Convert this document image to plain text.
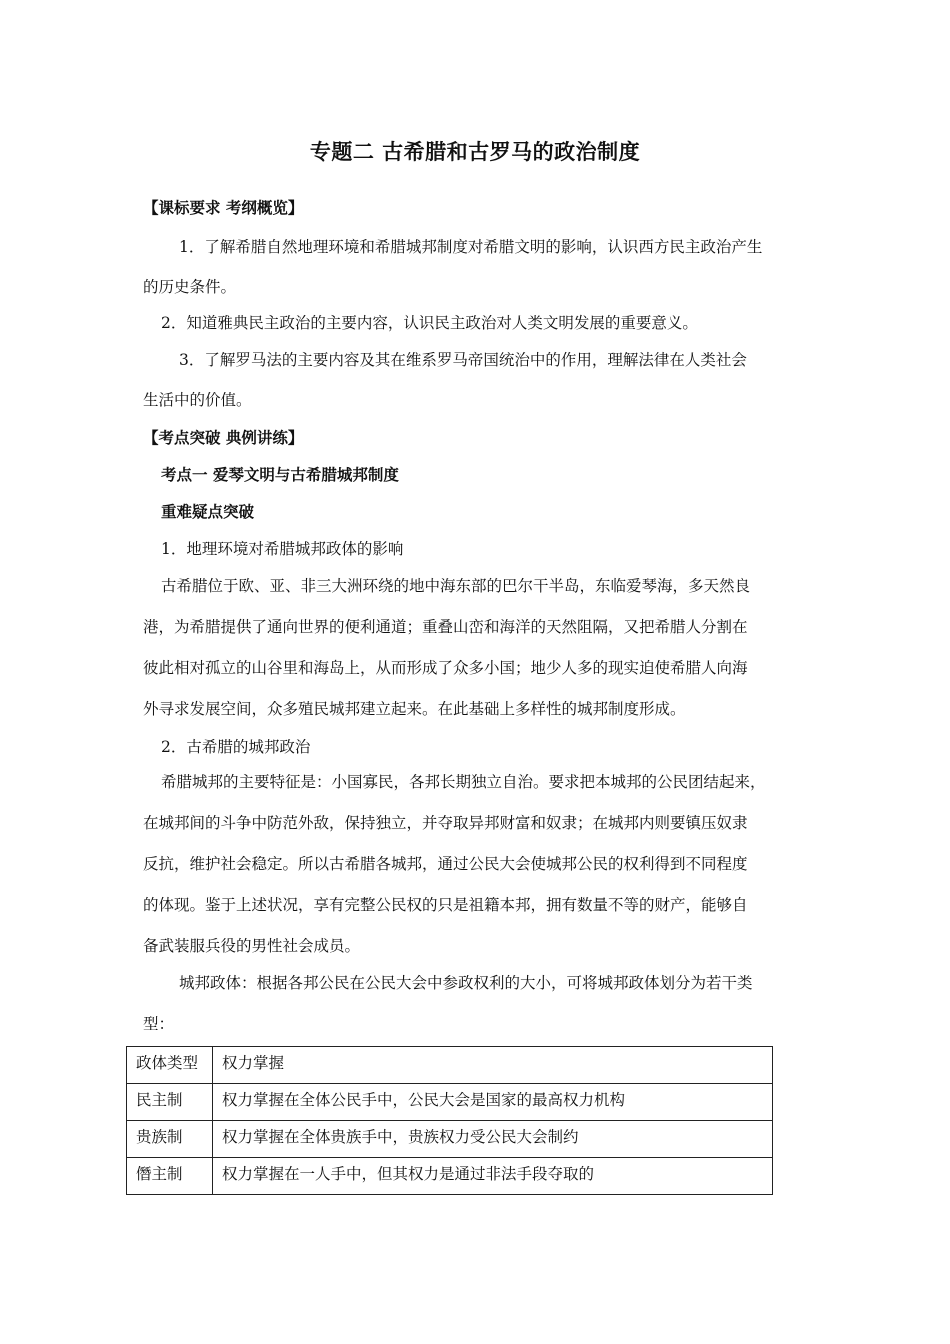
专题二 古希腊和古罗马的政治制度
【课标要求 考纲概览】
1．了解希腊自然地理环境和希腊城邦制度对希腊文明的影响，认识西方民主政治产生
的历史条件。
2．知道雅典民主政治的主要内容，认识民主政治对人类文明发展的重要意义。
3．了解罗马法的主要内容及其在维系罗马帝国统治中的作用，理解法律在人类社会
生活中的价值。
【考点突破 典例讲练】
考点一 爱琴文明与古希腊城邦制度
重难疑点突破
1．地理环境对希腊城邦政体的影响
古希腊位于欧、亚、非三大洲环绕的地中海东部的巴尔干半岛，东临爱琴海，多天然良
港，为希腊提供了通向世界的便利通道；重叠山峦和海洋的天然阻隔，又把希腊人分割在
彼此相对孤立的山谷里和海岛上，从而形成了众多小国；地少人多的现实迫使希腊人向海
外寻求发展空间，众多殖民城邦建立起来。在此基础上多样性的城邦制度形成。
2．古希腊的城邦政治
希腊城邦的主要特征是：小国寡民，各邦长期独立自治。要求把本城邦的公民团结起来，
在城邦间的斗争中防范外敌，保持独立，并夺取异邦财富和奴隶；在城邦内则要镇压奴隶
反抗，维护社会稳定。所以古希腊各城邦，通过公民大会使城邦公民的权利得到不同程度
的体现。鉴于上述状况，享有完整公民权的只是祖籍本邦，拥有数量不等的财产，能够自
备武装服兵役的男性社会成员。
城邦政体：根据各邦公民在公民大会中参政权利的大小，可将城邦政体划分为若干类
型：
政体类型	权力掌握
民主制	权力掌握在全体公民手中，公民大会是国家的最高权力机构
贵族制	权力掌握在全体贵族手中，贵族权力受公民大会制约
僭主制	权力掌握在一人手中，但其权力是通过非法手段夺取的
